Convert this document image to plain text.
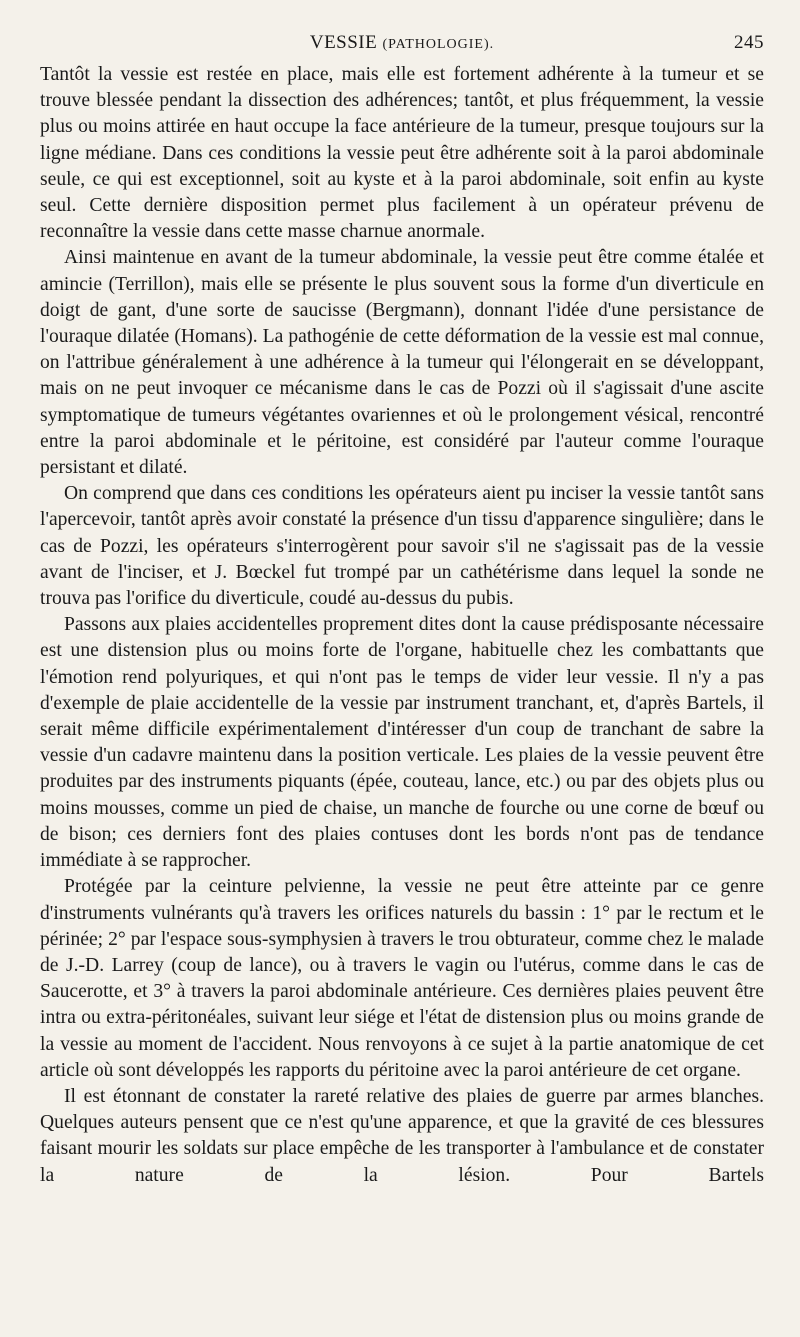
VESSIE (PATHOLOGIE).	245

Tantôt la vessie est restée en place, mais elle est fortement adhérente à la tumeur et se trouve blessée pendant la dissection des adhérences; tantôt, et plus fréquemment, la vessie plus ou moins attirée en haut occupe la face antérieure de la tumeur, presque toujours sur la ligne médiane. Dans ces conditions la vessie peut être adhérente soit à la paroi abdominale seule, ce qui est exceptionnel, soit au kyste et à la paroi abdominale, soit enfin au kyste seul. Cette dernière disposition permet plus facilement à un opérateur prévenu de reconnaître la vessie dans cette masse charnue anormale.

Ainsi maintenue en avant de la tumeur abdominale, la vessie peut être comme étalée et amincie (Terrillon), mais elle se présente le plus souvent sous la forme d'un diverticule en doigt de gant, d'une sorte de saucisse (Bergmann), donnant l'idée d'une persistance de l'ouraque dilatée (Homans). La pathogénie de cette déformation de la vessie est mal connue, on l'attribue généralement à une adhérence à la tumeur qui l'élongerait en se développant, mais on ne peut invoquer ce mécanisme dans le cas de Pozzi où il s'agissait d'une ascite symptomatique de tumeurs végétantes ovariennes et où le prolongement vésical, rencontré entre la paroi abdominale et le péritoine, est considéré par l'auteur comme l'ouraque persistant et dilaté.

On comprend que dans ces conditions les opérateurs aient pu inciser la vessie tantôt sans l'apercevoir, tantôt après avoir constaté la présence d'un tissu d'apparence singulière; dans le cas de Pozzi, les opérateurs s'interrogèrent pour savoir s'il ne s'agissait pas de la vessie avant de l'inciser, et J. Bœckel fut trompé par un cathétérisme dans lequel la sonde ne trouva pas l'orifice du diverticule, coudé au-dessus du pubis.

Passons aux plaies accidentelles proprement dites dont la cause prédisposante nécessaire est une distension plus ou moins forte de l'organe, habituelle chez les combattants que l'émotion rend polyuriques, et qui n'ont pas le temps de vider leur vessie. Il n'y a pas d'exemple de plaie accidentelle de la vessie par instrument tranchant, et, d'après Bartels, il serait même difficile expérimentalement d'intéresser d'un coup de tranchant de sabre la vessie d'un cadavre maintenu dans la position verticale. Les plaies de la vessie peuvent être produites par des instruments piquants (épée, couteau, lance, etc.) ou par des objets plus ou moins mousses, comme un pied de chaise, un manche de fourche ou une corne de bœuf ou de bison; ces derniers font des plaies contuses dont les bords n'ont pas de tendance immédiate à se rapprocher.

Protégée par la ceinture pelvienne, la vessie ne peut être atteinte par ce genre d'instruments vulnérants qu'à travers les orifices naturels du bassin : 1° par le rectum et le périnée; 2° par l'espace sous-symphysien à travers le trou obturateur, comme chez le malade de J.-D. Larrey (coup de lance), ou à travers le vagin ou l'utérus, comme dans le cas de Saucerotte, et 3° à travers la paroi abdominale antérieure. Ces dernières plaies peuvent être intra ou extra-péritonéales, suivant leur siége et l'état de distension plus ou moins grande de la vessie au moment de l'accident. Nous renvoyons à ce sujet à la partie anatomique de cet article où sont développés les rapports du péritoine avec la paroi antérieure de cet organe.

Il est étonnant de constater la rareté relative des plaies de guerre par armes blanches. Quelques auteurs pensent que ce n'est qu'une apparence, et que la gravité de ces blessures faisant mourir les soldats sur place empêche de les transporter à l'ambulance et de constater la nature de la lésion. Pour Bartels
